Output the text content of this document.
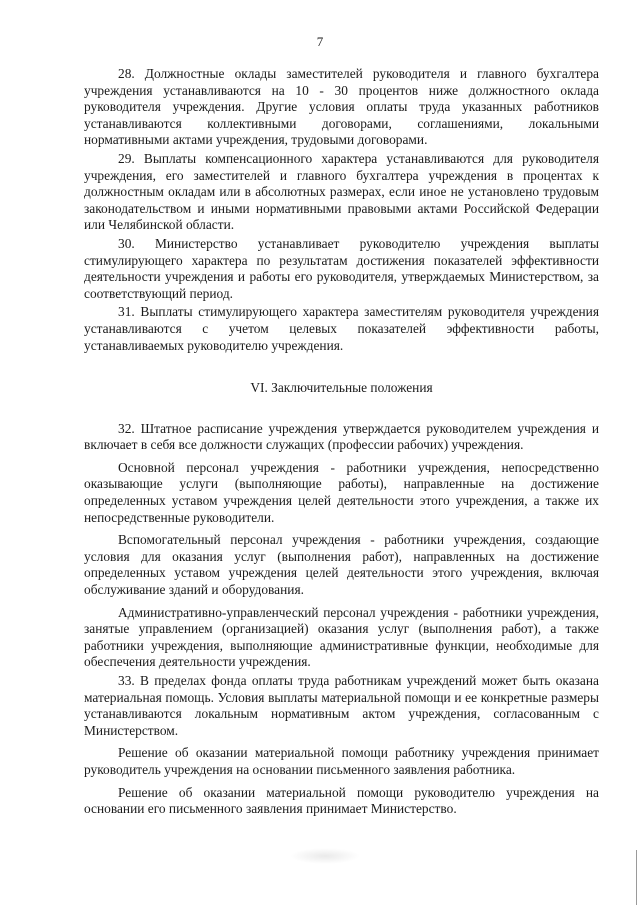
7

28. Должностные оклады заместителей руководителя и главного бухгалтера учреждения устанавливаются на 10 - 30 процентов ниже должностного оклада руководителя учреждения. Другие условия оплаты труда указанных работников устанавливаются коллективными договорами, соглашениями, локальными нормативными актами учреждения, трудовыми договорами.

29. Выплаты компенсационного характера устанавливаются для руководителя учреждения, его заместителей и главного бухгалтера учреждения в процентах к должностным окладам или в абсолютных размерах, если иное не установлено трудовым законодательством и иными нормативными правовыми актами Российской Федерации или Челябинской области.

30. Министерство устанавливает руководителю учреждения выплаты стимулирующего характера по результатам достижения показателей эффективности деятельности учреждения и работы его руководителя, утверждаемых Министерством, за соответствующий период.

31. Выплаты стимулирующего характера заместителям руководителя учреждения устанавливаются с учетом целевых показателей эффективности работы, устанавливаемых руководителю учреждения.

VI. Заключительные положения

32. Штатное расписание учреждения утверждается руководителем учреждения и включает в себя все должности служащих (профессии рабочих) учреждения.

Основной персонал учреждения - работники учреждения, непосредственно оказывающие услуги (выполняющие работы), направленные на достижение определенных уставом учреждения целей деятельности этого учреждения, а также их непосредственные руководители.

Вспомогательный персонал учреждения - работники учреждения, создающие условия для оказания услуг (выполнения работ), направленных на достижение определенных уставом учреждения целей деятельности этого учреждения, включая обслуживание зданий и оборудования.

Административно-управленческий персонал учреждения - работники учреждения, занятые управлением (организацией) оказания услуг (выполнения работ), а также работники учреждения, выполняющие административные функции, необходимые для обеспечения деятельности учреждения.

33. В пределах фонда оплаты труда работникам учреждений может быть оказана материальная помощь. Условия выплаты материальной помощи и ее конкретные размеры устанавливаются локальным нормативным актом учреждения, согласованным с Министерством.

Решение об оказании материальной помощи работнику учреждения принимает руководитель учреждения на основании письменного заявления работника.

Решение об оказании материальной помощи руководителю учреждения на основании его письменного заявления принимает Министерство.
